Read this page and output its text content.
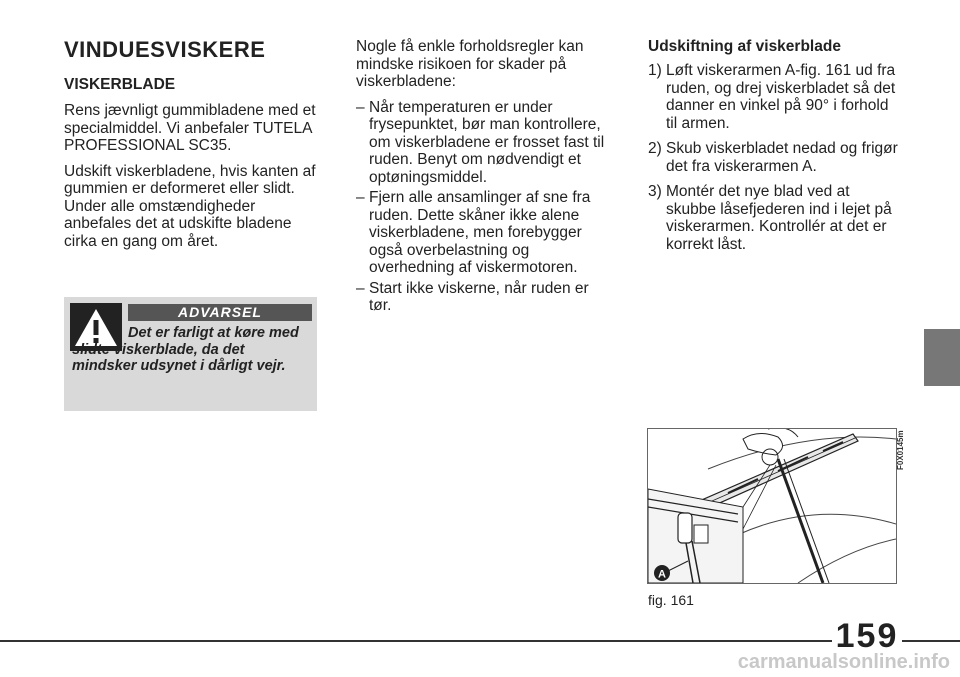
VINDUESVISKERE
VISKERBLADE

Rens jævnligt gummibladene med et specialmiddel. Vi anbefaler TUTELA PROFESSIONAL SC35.

Udskift viskerbladene, hvis kanten af gummien er deformeret eller slidt. Under alle omstændigheder anbefales det at udskifte bladene cirka en gang om året.

ADVARSEL
Det er farligt at køre med slidte viskerblade, da det mindsker udsynet i dårligt vejr.

Nogle få enkle forholdsregler kan mindske risikoen for skader på viskerbladene:

– Når temperaturen er under frysepunktet, bør man kontrollere, om viskerbladene er frosset fast til ruden. Benyt om nødvendigt et optøningsmiddel.
– Fjern alle ansamlinger af sne fra ruden. Dette skåner ikke alene viskerbladene, men forebygger også overbelastning og overhedning af viskermotoren.
– Start ikke viskerne, når ruden er tør.
Udskiftning af viskerblade
1) Løft viskerarmen A-fig. 161 ud fra ruden, og drej viskerbladet så det danner en vinkel på 90° i forhold til armen.
2) Skub viskerbladet nedad og frigør det fra viskerarmen A.
3) Montér det nye blad ved at skubbe låsefjederen ind i lejet på viskerarmen. Kontrollér at det er korrekt låst.
A
F0X0145m
fig. 161
159
carmanualsonline.info
